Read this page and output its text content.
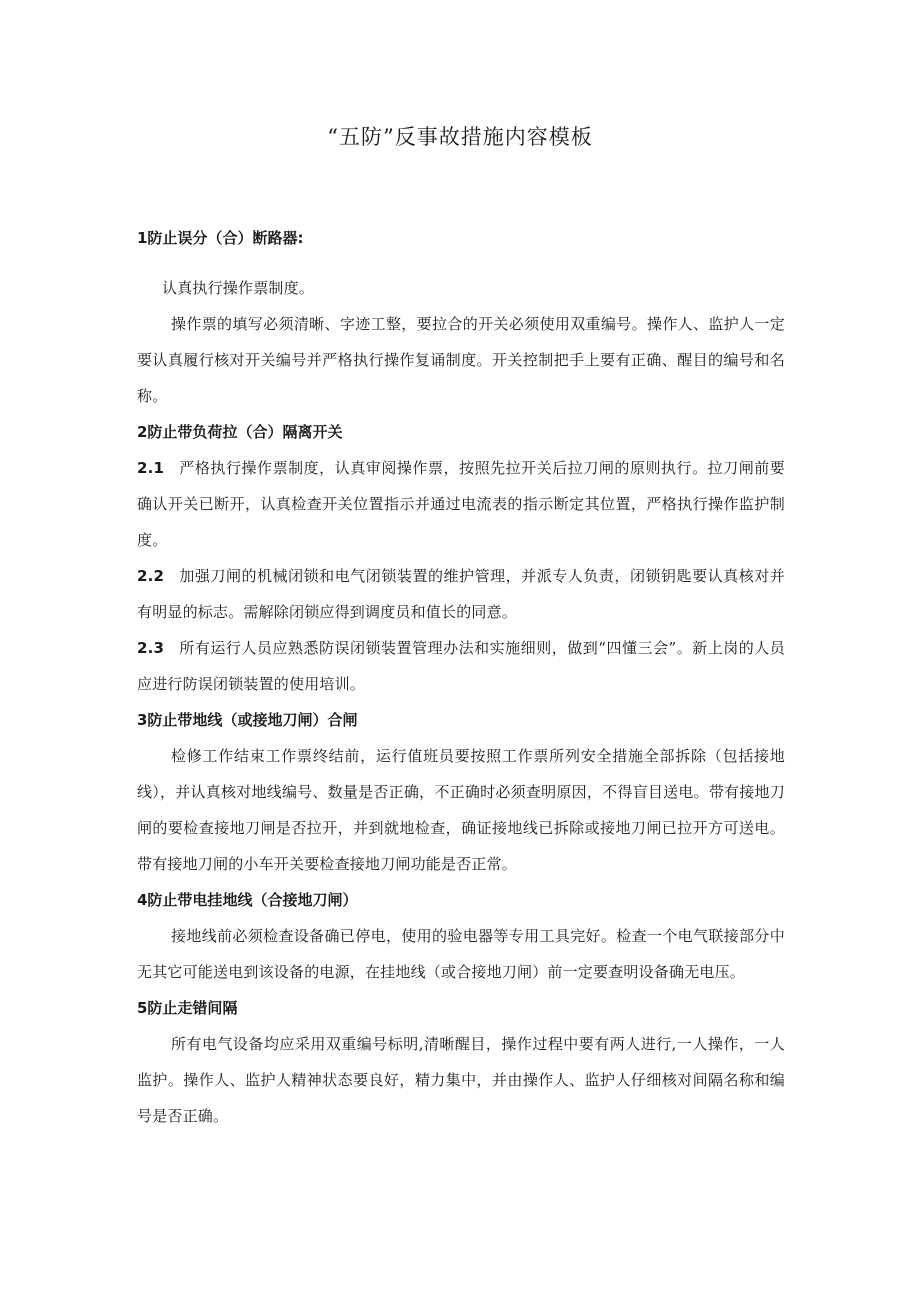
“五防”反事故措施内容模板
1防止误分（合）断路器:
认真执行操作票制度。
操作票的填写必须清晰、字迹工整，要拉合的开关必须使用双重编号。操作人、监护人一定要认真履行核对开关编号并严格执行操作复诵制度。开关控制把手上要有正确、醒目的编号和名称。
2防止带负荷拉（合）隔离开关
2.1 严格执行操作票制度，认真审阅操作票，按照先拉开关后拉刀闸的原则执行。拉刀闸前要确认开关已断开，认真检查开关位置指示并通过电流表的指示断定其位置，严格执行操作监护制度。
2.2 加强刀闸的机械闭锁和电气闭锁装置的维护管理，并派专人负责，闭锁钥匙要认真核对并有明显的标志。需解除闭锁应得到调度员和值长的同意。
2.3 所有运行人员应熟悉防误闭锁装置管理办法和实施细则，做到“四懂三会”。新上岗的人员应进行防误闭锁装置的使用培训。
3防止带地线（或接地刀闸）合闸
检修工作结束工作票终结前，运行值班员要按照工作票所列安全措施全部拆除（包括接地线），并认真核对地线编号、数量是否正确，不正确时必须查明原因，不得盲目送电。带有接地刀闸的要检查接地刀闸是否拉开，并到就地检查，确证接地线已拆除或接地刀闸已拉开方可送电。带有接地刀闸的小车开关要检查接地刀闸功能是否正常。
4防止带电挂地线（合接地刀闸）
接地线前必须检查设备确已停电，使用的验电器等专用工具完好。检查一个电气联接部分中无其它可能送电到该设备的电源，在挂地线（或合接地刀闸）前一定要查明设备确无电压。
5防止走错间隔
所有电气设备均应采用双重编号标明,清晰醒目，操作过程中要有两人进行,一人操作，一人监护。操作人、监护人精神状态要良好，精力集中，并由操作人、监护人仔细核对间隔名称和编号是否正确。
